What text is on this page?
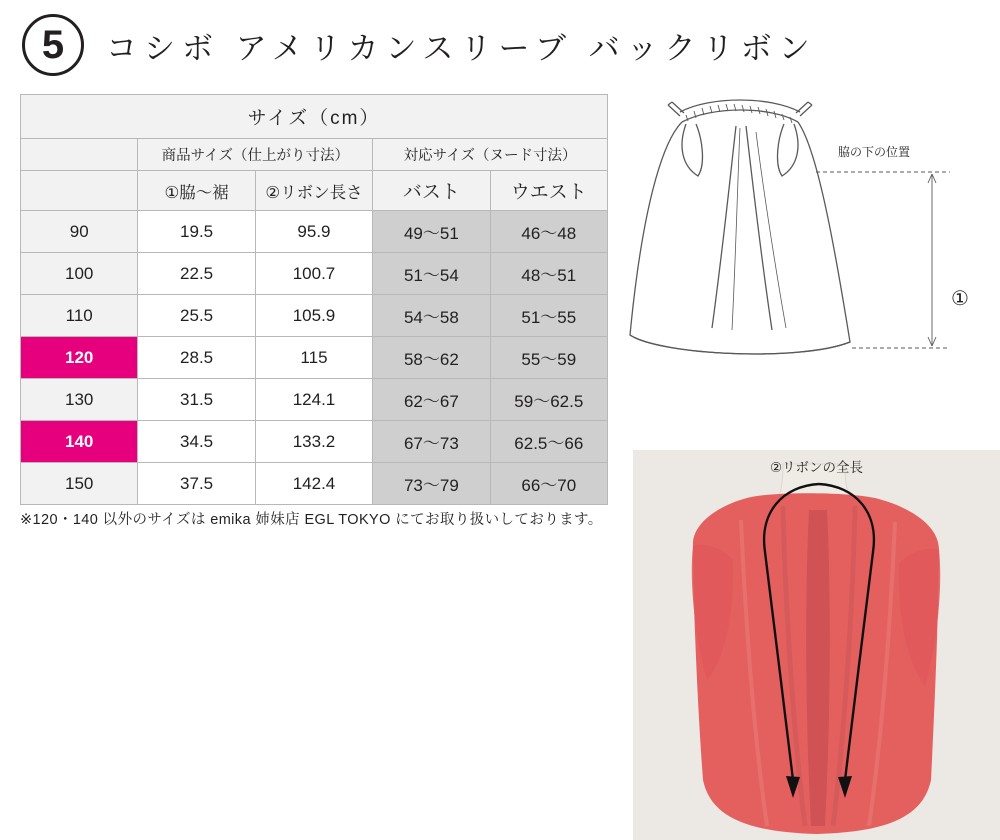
5	コシボ アメリカンスリーブ バックリボン
サイズ（cm）				
	商品サイズ（仕上がり寸法）		対応サイズ（ヌード寸法）	
	①脇～裾	②リボン長さ	バスト	ウエスト
90	19.5	95.9	49〜51	46〜48
100	22.5	100.7	51〜54	48〜51
110	25.5	105.9	54〜58	51〜55
120	28.5	115	58〜62	55〜59
130	31.5	124.1	62〜67	59〜62.5
140	34.5	133.2	67〜73	62.5〜66
150	37.5	142.4	73〜79	66〜70
※120・140 以外のサイズは emika 姉妹店 EGL TOKYO にてお取り扱いしております。
脇の下の位置
①
②リボンの全長
